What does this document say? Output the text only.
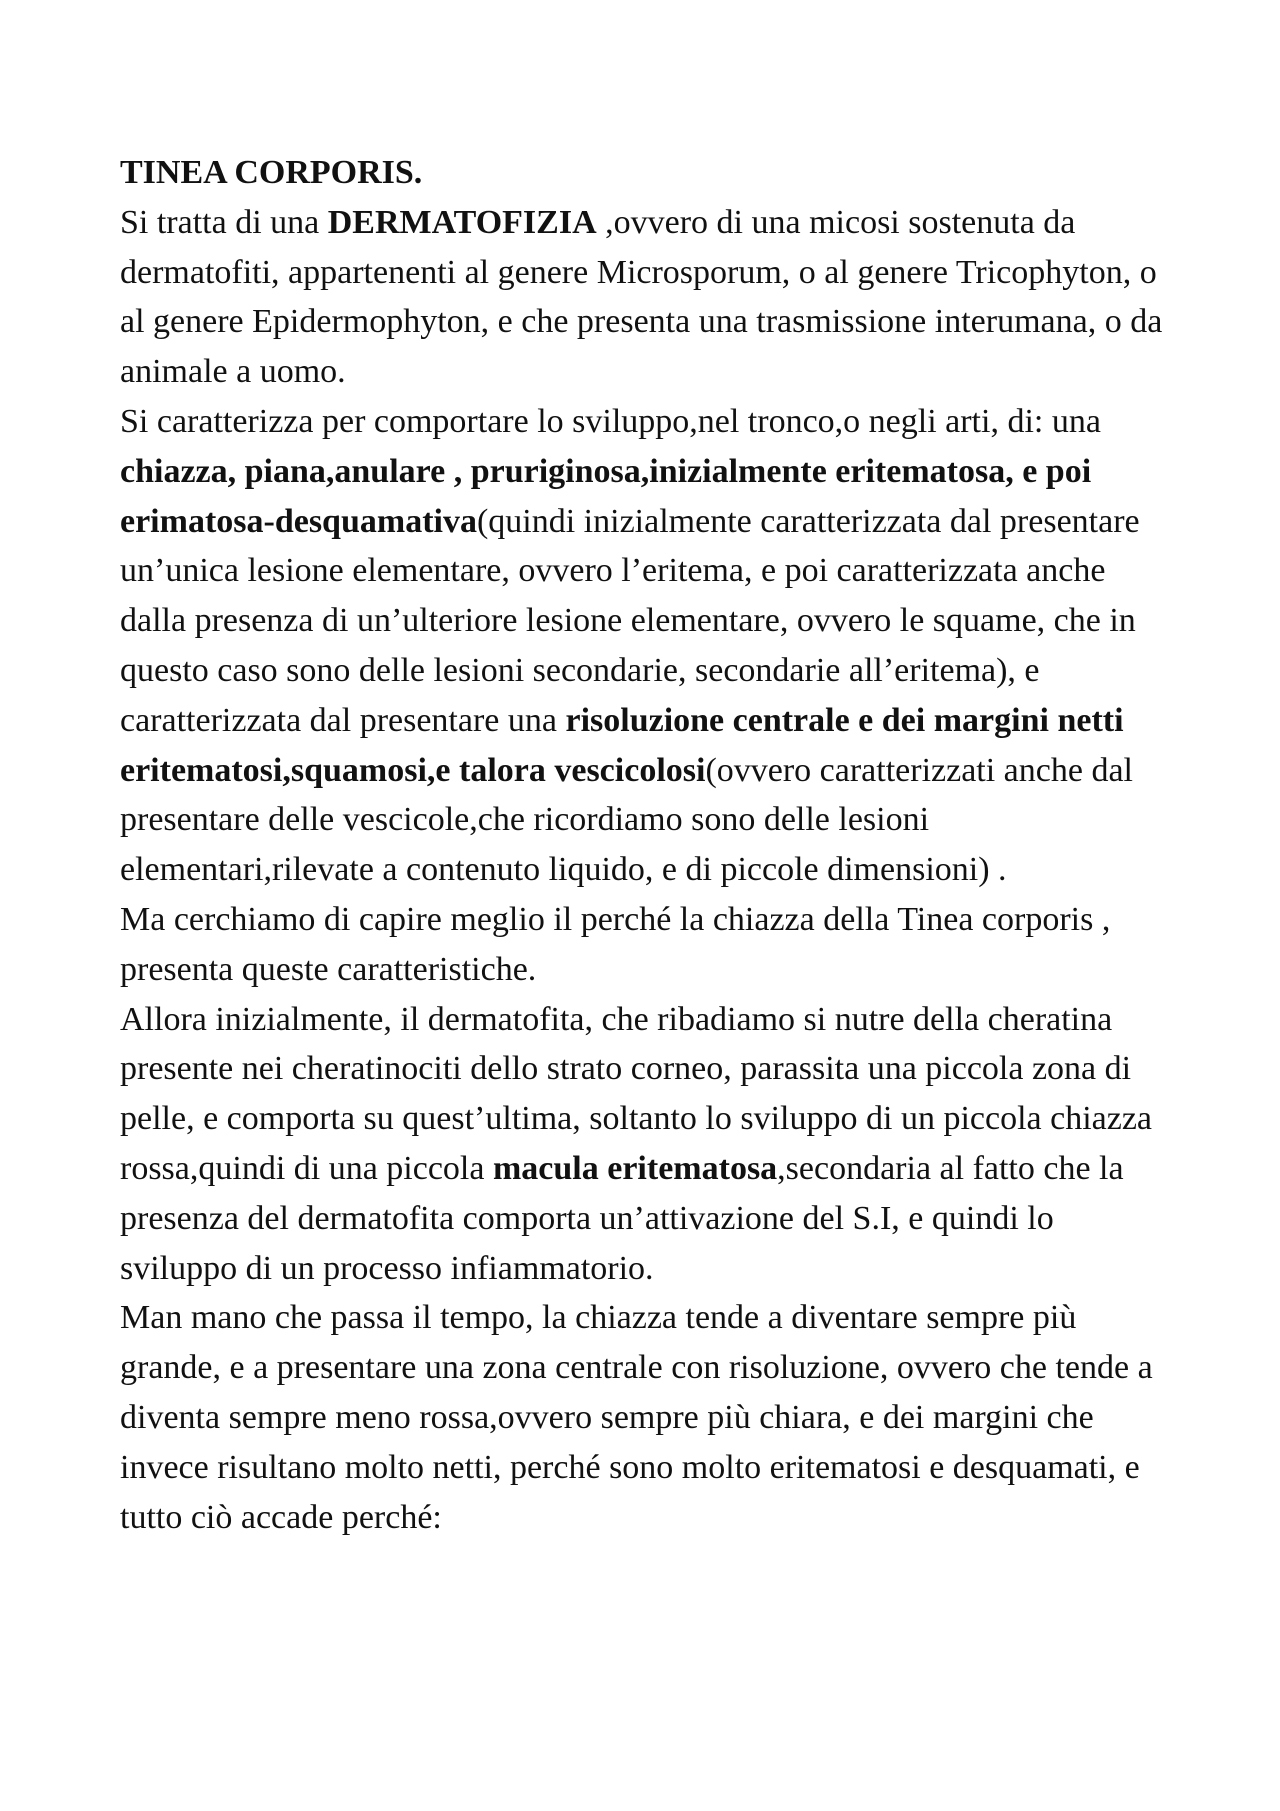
TINEA CORPORIS.

Si tratta di una DERMATOFIZIA ,ovvero di una micosi sostenuta da dermatofiti, appartenenti al genere Microsporum, o al genere Tricophyton, o al genere Epidermophyton, e che presenta una trasmissione interumana, o da animale a uomo.

Si caratterizza per comportare lo sviluppo,nel tronco,o negli arti, di: una chiazza, piana,anulare , pruriginosa,inizialmente eritematosa, e poi erimatosa-desquamativa(quindi inizialmente caratterizzata dal presentare un’unica lesione elementare, ovvero l’eritema, e poi caratterizzata anche dalla presenza di un’ulteriore lesione elementare, ovvero le squame, che in questo caso sono delle lesioni secondarie, secondarie all’eritema), e caratterizzata dal presentare una risoluzione centrale e dei margini netti eritematosi,squamosi,e talora vescicolosi(ovvero caratterizzati anche dal presentare delle vescicole,che ricordiamo sono delle lesioni elementari,rilevate a contenuto liquido, e di piccole dimensioni) .

Ma cerchiamo di capire meglio il perché la chiazza della Tinea corporis , presenta queste caratteristiche.

Allora inizialmente, il dermatofita, che ribadiamo si nutre della cheratina presente nei cheratinociti dello strato corneo, parassita una piccola zona di pelle, e comporta su quest’ultima, soltanto lo sviluppo di un piccola chiazza rossa,quindi di una piccola macula eritematosa,secondaria al fatto che la presenza del dermatofita comporta un’attivazione del S.I, e quindi lo sviluppo di un processo infiammatorio.

Man mano che passa il tempo, la chiazza tende a diventare sempre più grande, e a presentare una zona centrale con risoluzione, ovvero che tende a diventa sempre meno rossa,ovvero sempre più chiara, e dei margini che invece risultano molto netti, perché sono molto eritematosi e desquamati, e tutto ciò accade perché:
